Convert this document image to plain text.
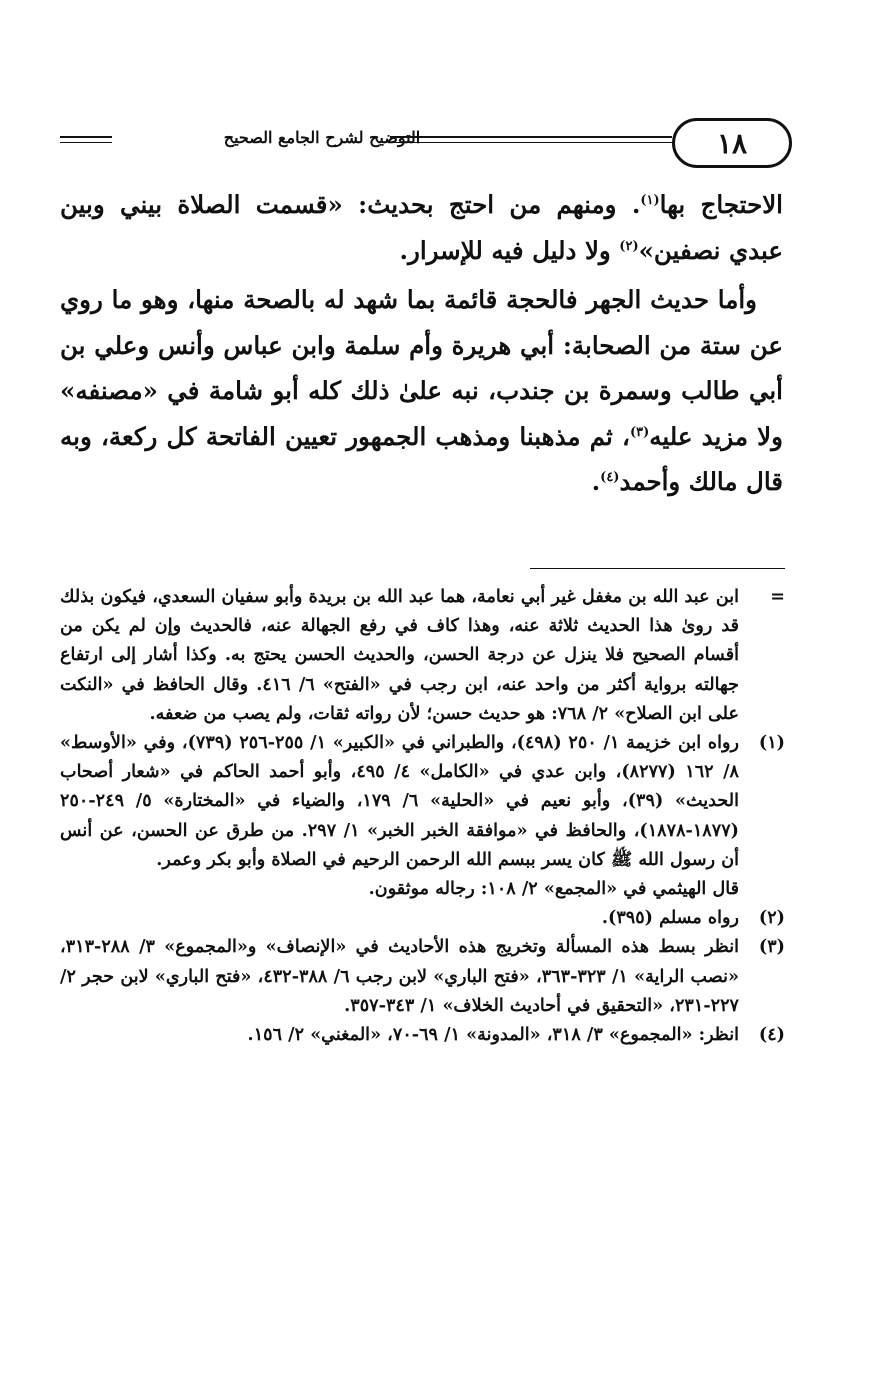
التوضيح لشرح الجامع الصحيح	١٨

الاحتجاج بها$^{(١)}$. ومنهم من احتج بحديث: «قسمت الصلاة بيني وبين عبدي نصفين»$^{(٢)}$ ولا دليل فيه للإسرار.

وأما حديث الجهر فالحجة قائمة بما شهد له بالصحة منها، وهو ما روي عن ستة من الصحابة: أبي هريرة وأم سلمة وابن عباس وأنس وعلي بن أبي طالب وسمرة بن جندب، نبه علىٰ ذلك كله أبو شامة في «مصنفه» ولا مزيد عليه$^{(٣)}$، ثم مذهبنا ومذهب الجمهور تعيين الفاتحة كل ركعة، وبه قال مالك وأحمد$^{(٤)}$.

=
ابن عبد الله بن مغفل غير أبي نعامة، هما عبد الله بن بريدة وأبو سفيان السعدي، فيكون بذلك قد روىٰ هذا الحديث ثلاثة عنه، وهذا كاف في رفع الجهالة عنه، فالحديث وإن لم يكن من أقسام الصحيح فلا ينزل عن درجة الحسن، والحديث الحسن يحتج به. وكذا أشار إلى ارتفاع جهالته برواية أكثر من واحد عنه، ابن رجب في «الفتح» ٦/ ٤١٦. وقال الحافظ في «النكت على ابن الصلاح» ٢/ ٧٦٨: هو حديث حسن؛ لأن رواته ثقات، ولم يصب من ضعفه.
(١)
رواه ابن خزيمة ١/ ٢٥٠ (٤٩٨)، والطبراني في «الكبير» ١/ ٢٥٥-٢٥٦ (٧٣٩)، وفي «الأوسط» ٨/ ١٦٢ (٨٢٧٧)، وابن عدي في «الكامل» ٤/ ٤٩٥، وأبو أحمد الحاكم في «شعار أصحاب الحديث» (٣٩)، وأبو نعيم في «الحلية» ٦/ ١٧٩، والضياء في «المختارة» ٥/ ٢٤٩-٢٥٠ (١٨٧٧-١٨٧٨)، والحافظ في «موافقة الخبر الخبر» ١/ ٢٩٧. من طرق عن الحسن، عن أنس أن رسول الله ﷺ كان يسر ببسم الله الرحمن الرحيم في الصلاة وأبو بكر وعمر.
قال الهيثمي في «المجمع» ٢/ ١٠٨: رجاله موثقون.
(٢)
رواه مسلم (٣٩٥).
(٣)
انظر بسط هذه المسألة وتخريج هذه الأحاديث في «الإنصاف» و«المجموع» ٣/ ٢٨٨-٣١٣، «نصب الراية» ١/ ٣٢٣-٣٦٣، «فتح الباري» لابن رجب ٦/ ٣٨٨-٤٣٢، «فتح الباري» لابن حجر ٢/ ٢٢٧-٢٣١، «التحقيق في أحاديث الخلاف» ١/ ٣٤٣-٣٥٧.
(٤)
انظر: «المجموع» ٣/ ٣١٨، «المدونة» ١/ ٦٩-٧٠، «المغني» ٢/ ١٥٦.
